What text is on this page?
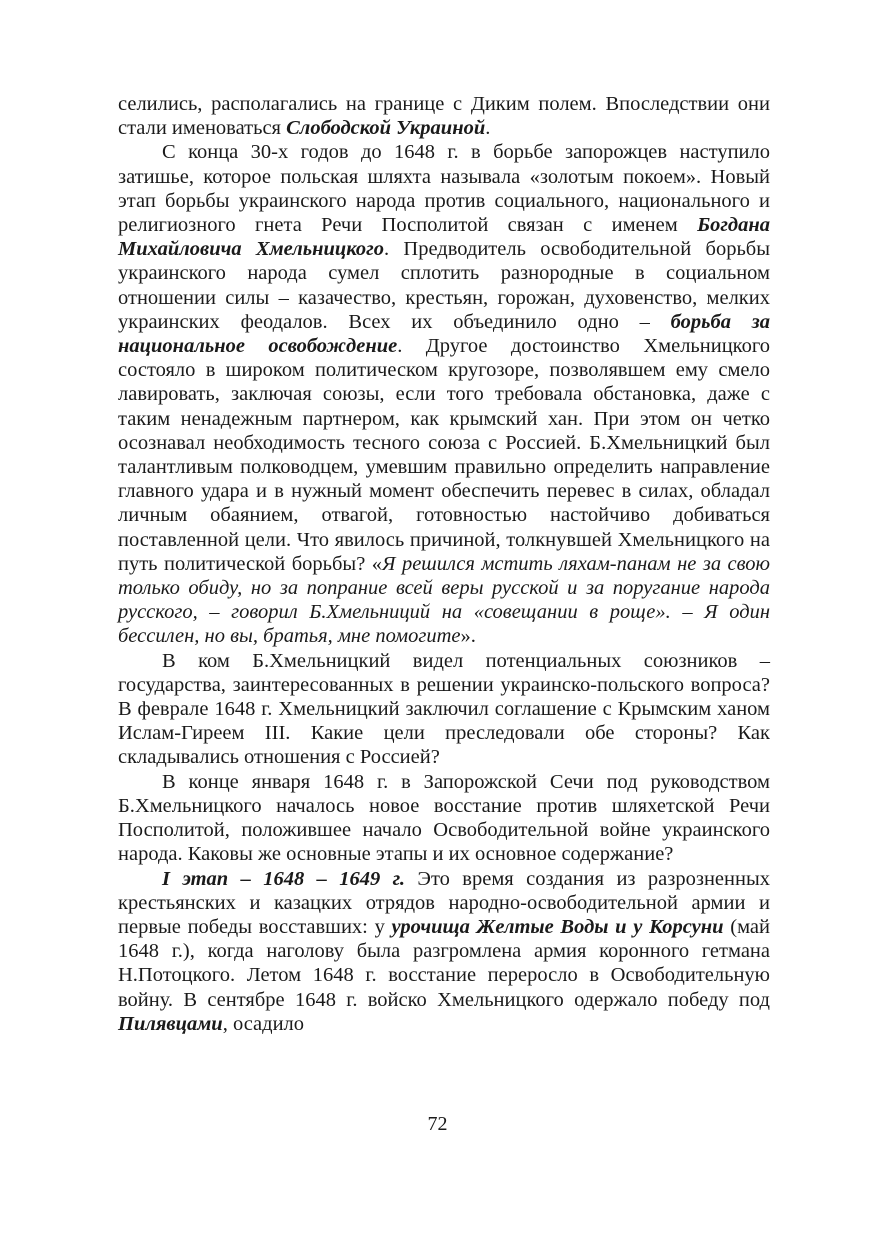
селились, располагались на границе с Диким полем. Впоследствии они стали именоваться Слободской Украиной.

С конца 30-х годов до 1648 г. в борьбе запорожцев наступило затишье, которое польская шляхта называла «золотым покоем». Новый этап борьбы украинского народа против социального, национального и религиозного гнета Речи Посполитой связан с именем Богдана Михайловича Хмельницкого. Предводитель освободительной борьбы украинского народа сумел сплотить разнородные в социальном отношении силы – казачество, крестьян, горожан, духовенство, мелких украинских феодалов. Всех их объединило одно – борьба за национальное освобождение. Другое достоинство Хмельницкого состояло в широком политическом кругозоре, позволявшем ему смело лавировать, заключая союзы, если того требовала обстановка, даже с таким ненадежным партнером, как крымский хан. При этом он четко осознавал необходимость тесного союза с Россией. Б.Хмельницкий был талантливым полководцем, умевшим правильно определить направление главного удара и в нужный момент обеспечить перевес в силах, обладал личным обаянием, отвагой, готовностью настойчиво добиваться поставленной цели. Что явилось причиной, толкнувшей Хмельницкого на путь политической борьбы? «Я решился мстить ляхам-панам не за свою только обиду, но за попрание всей веры русской и за поругание народа русского, – говорил Б.Хмельниций на «совещании в роще». – Я один бессилен, но вы, братья, мне помогите».

В ком Б.Хмельницкий видел потенциальных союзников – государства, заинтересованных в решении украинско-польского вопроса? В феврале 1648 г. Хмельницкий заключил соглашение с Крымским ханом Ислам-Гиреем III. Какие цели преследовали обе стороны? Как складывались отношения с Россией?

В конце января 1648 г. в Запорожской Сечи под руководством Б.Хмельницкого началось новое восстание против шляхетской Речи Посполитой, положившее начало Освободительной войне украинского народа. Каковы же основные этапы и их основное содержание?

I этап – 1648 – 1649 г. Это время создания из разрозненных крестьянских и казацких отрядов народно-освободительной армии и первые победы восставших: у урочища Желтые Воды и у Корсуни (май 1648 г.), когда наголову была разгромлена армия коронного гетмана Н.Потоцкого. Летом 1648 г. восстание переросло в Освободительную войну. В сентябре 1648 г. войско Хмельницкого одержало победу под Пилявцами, осадило

72
